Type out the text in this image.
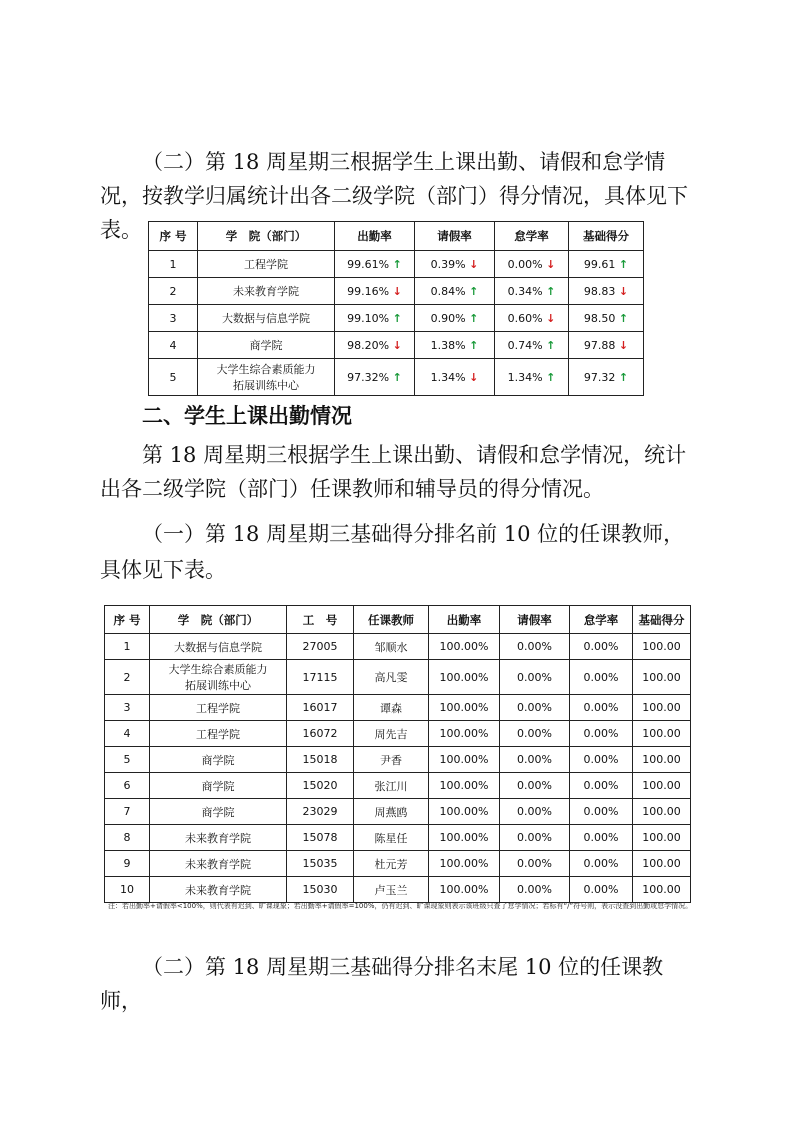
（二）第 18 周星期三根据学生上课出勤、请假和怠学情况，按教学归属统计出各二级学院（部门）得分情况，具体见下表。	序 号	学　院（部门）	出勤率	请假率	怠学率	基础得分
1	工程学院	99.61% ↑	0.39% ↓	0.00% ↓	99.61 ↑
2	未来教育学院	99.16% ↓	0.84% ↑	0.34% ↑	98.83 ↓
3	大数据与信息学院	99.10% ↑	0.90% ↑	0.60% ↓	98.50 ↑
4	商学院	98.20% ↓	1.38% ↑	0.74% ↑	97.88 ↓
5	大学生综合素质能力
拓展训练中心	97.32% ↑	1.34% ↓	1.34% ↑	97.32 ↑

二、学生上课出勤情况

第 18 周星期三根据学生上课出勤、请假和怠学情况，统计出各二级学院（部门）任课教师和辅导员的得分情况。

（一）第 18 周星期三基础得分排名前 10 位的任课教师，具体见下表。

序 号	学　院（部门）	工　号	任课教师	出勤率	请假率	怠学率	基础得分
1	大数据与信息学院	27005	邹顺水	100.00%	0.00%	0.00%	100.00
2	大学生综合素质能力
拓展训练中心	17115	高凡雯	100.00%	0.00%	0.00%	100.00
3	工程学院	16017	谭森	100.00%	0.00%	0.00%	100.00
4	工程学院	16072	周先吉	100.00%	0.00%	0.00%	100.00
5	商学院	15018	尹香	100.00%	0.00%	0.00%	100.00
6	商学院	15020	张江川	100.00%	0.00%	0.00%	100.00
7	商学院	23029	周燕鸥	100.00%	0.00%	0.00%	100.00
8	未来教育学院	15078	陈星任	100.00%	0.00%	0.00%	100.00
9	未来教育学院	15035	杜元芳	100.00%	0.00%	0.00%	100.00
10	未来教育学院	15030	卢玉兰	100.00%	0.00%	0.00%	100.00

注：若出勤率+请假率<100%，则代表有迟到、旷课现象；若出勤率+请假率=100%，仍有迟到、旷课现象则表示该班级只查了怠学情况；若标有“/”符号则，表示没查到出勤或怠学情况。

（二）第 18 周星期三基础得分排名末尾 10 位的任课教师，
